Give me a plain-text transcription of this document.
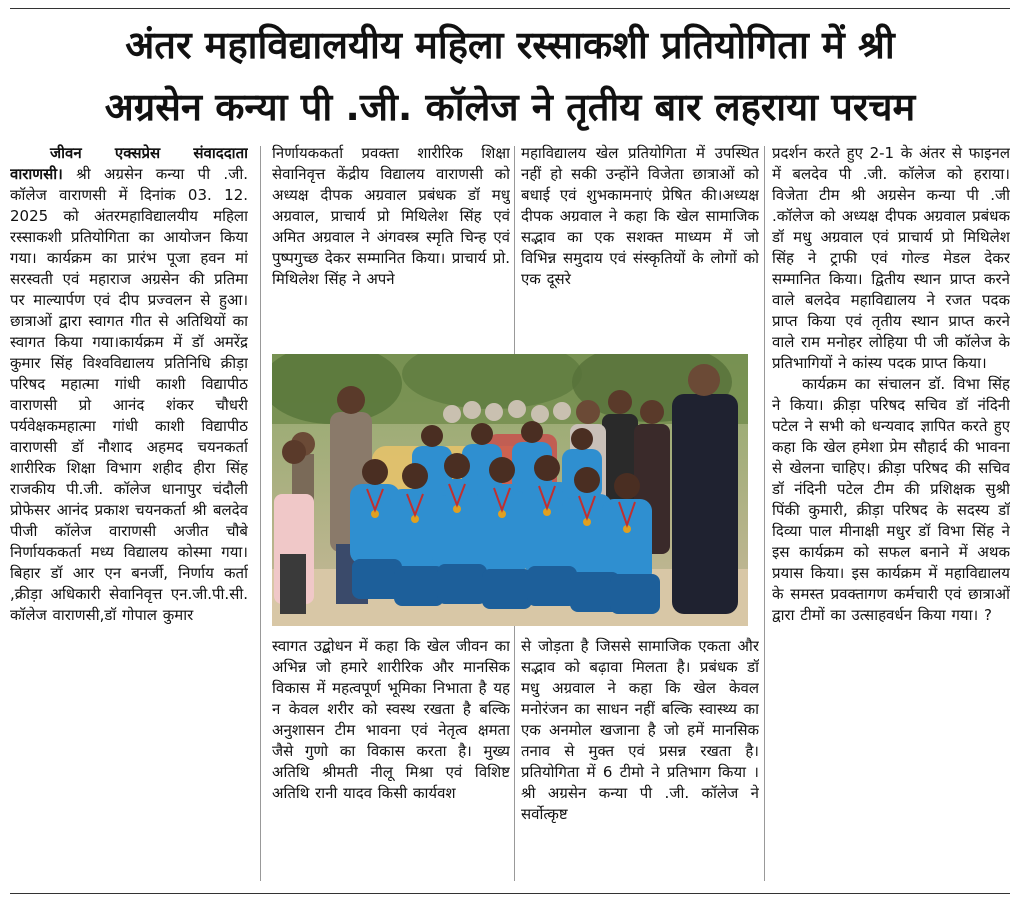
अंतर महाविद्यालयीय महिला रस्साकशी प्रतियोगिता में श्री
अग्रसेन कन्या पी .जी. कॉलेज ने तृतीय बार लहराया परचम

जीवन एक्सप्रेस संवाददाता वाराणसी। श्री अग्रसेन कन्या पी .जी. कॉलेज वाराणसी में दिनांक 03. 12. 2025 को अंतरमहाविद्यालयीय महिला रस्साकशी प्रतियोगिता का आयोजन किया गया। कार्यक्रम का प्रारंभ पूजा हवन मां सरस्वती एवं महाराज अग्रसेन की प्रतिमा पर माल्यार्पण एवं दीप प्रज्वलन से हुआ। छात्राओं द्वारा स्वागत गीत से अतिथियों का स्वागत किया गया।कार्यक्रम में डॉ अमरेंद्र कुमार सिंह विश्वविद्यालय प्रतिनिधि क्रीड़ा परिषद महात्मा गांधी काशी विद्यापीठ वाराणसी प्रो आनंद शंकर चौधरी पर्यवेक्षकमहात्मा गांधी काशी विद्यापीठ वाराणसी डॉ नौशाद अहमद चयनकर्ता शारीरिक शिक्षा विभाग शहीद हीरा सिंह राजकीय पी.जी. कॉलेज धानापुर चंदौली प्रोफेसर आनंद प्रकाश चयनकर्ता श्री बलदेव पीजी कॉलेज वाराणसी अजीत चौबे निर्णायककर्ता मध्य विद्यालय कोस्मा गया। बिहार डॉ आर एन बनर्जी, निर्णाय कर्ता ,क्रीड़ा अधिकारी सेवानिवृत्त एन.जी.पी.सी. कॉलेज वाराणसी,डॉ गोपाल कुमार

निर्णायककर्ता प्रवक्ता शारीरिक शिक्षा सेवानिवृत्त केंद्रीय विद्यालय वाराणसी को अध्यक्ष दीपक अग्रवाल प्रबंधक डॉ मधु अग्रवाल, प्राचार्य प्रो मिथिलेश सिंह एवं अमित अग्रवाल ने अंगवस्त्र स्मृति चिन्ह एवं पुष्पगुच्छ देकर सम्मानित किया। प्राचार्य प्रो. मिथिलेश सिंह ने अपने

महाविद्यालय खेल प्रतियोगिता में उपस्थित नहीं हो सकी उन्होंने विजेता छात्राओं को बधाई एवं शुभकामनाएं प्रेषित की।अध्यक्ष दीपक अग्रवाल ने कहा कि खेल सामाजिक सद्भाव का एक सशक्त माध्यम में जो विभिन्न समुदाय एवं संस्कृतियों के लोगों को एक दूसरे

स्वागत उद्बोधन में कहा कि खेल जीवन का अभिन्न जो हमारे शारीरिक और मानसिक विकास में महत्वपूर्ण भूमिका निभाता है यह न केवल शरीर को स्वस्थ रखता है बल्कि अनुशासन टीम भावना एवं नेतृत्व क्षमता जैसे गुणो का विकास करता है। मुख्य अतिथि श्रीमती नीलू मिश्रा एवं विशिष्ट अतिथि रानी यादव किसी कार्यवश

से जोड़ता है जिससे सामाजिक एकता और सद्भाव को बढ़ावा मिलता है। प्रबंधक डॉ मधु अग्रवाल ने कहा कि खेल केवल मनोरंजन का साधन नहीं बल्कि स्वास्थ्य का एक अनमोल खजाना है जो हमें मानसिक तनाव से मुक्त एवं प्रसन्न रखता है।प्रतियोगिता में 6 टीमो ने प्रतिभाग किया ।श्री अग्रसेन कन्या पी .जी. कॉलेज ने सर्वोत्कृष्ट

प्रदर्शन करते हुए 2-1 के अंतर से फाइनल में बलदेव पी .जी. कॉलेज को हराया। विजेता टीम श्री अग्रसेन कन्या पी .जी .कॉलेज को अध्यक्ष दीपक अग्रवाल प्रबंधक डॉ मधु अग्रवाल एवं प्राचार्य प्रो मिथिलेश सिंह ने ट्राफी एवं गोल्ड मेडल देकर सम्मानित किया। द्वितीय स्थान प्राप्त करने वाले बलदेव महाविद्यालय ने रजत पदक प्राप्त किया एवं तृतीय स्थान प्राप्त करने वाले राम मनोहर लोहिया पी जी कॉलेज के प्रतिभागियों ने कांस्य पदक प्राप्त किया।

कार्यक्रम का संचालन डॉ. विभा सिंह ने किया। क्रीड़ा परिषद सचिव डॉ नंदिनी पटेल ने सभी को धन्यवाद ज्ञापित करते हुए कहा कि खेल हमेशा प्रेम सौहार्द की भावना से खेलना चाहिए। क्रीड़ा परिषद की सचिव डॉ नंदिनी पटेल टीम की प्रशिक्षक सुश्री पिंकी कुमारी, क्रीड़ा परिषद के सदस्य डॉ दिव्या पाल मीनाक्षी मधुर डॉ विभा सिंह ने इस कार्यक्रम को सफल बनाने में अथक प्रयास किया। इस कार्यक्रम में महाविद्यालय के समस्त प्रवक्तागण कर्मचारी एवं छात्राओं द्वारा टीमों का उत्साहवर्धन किया गया। ?
